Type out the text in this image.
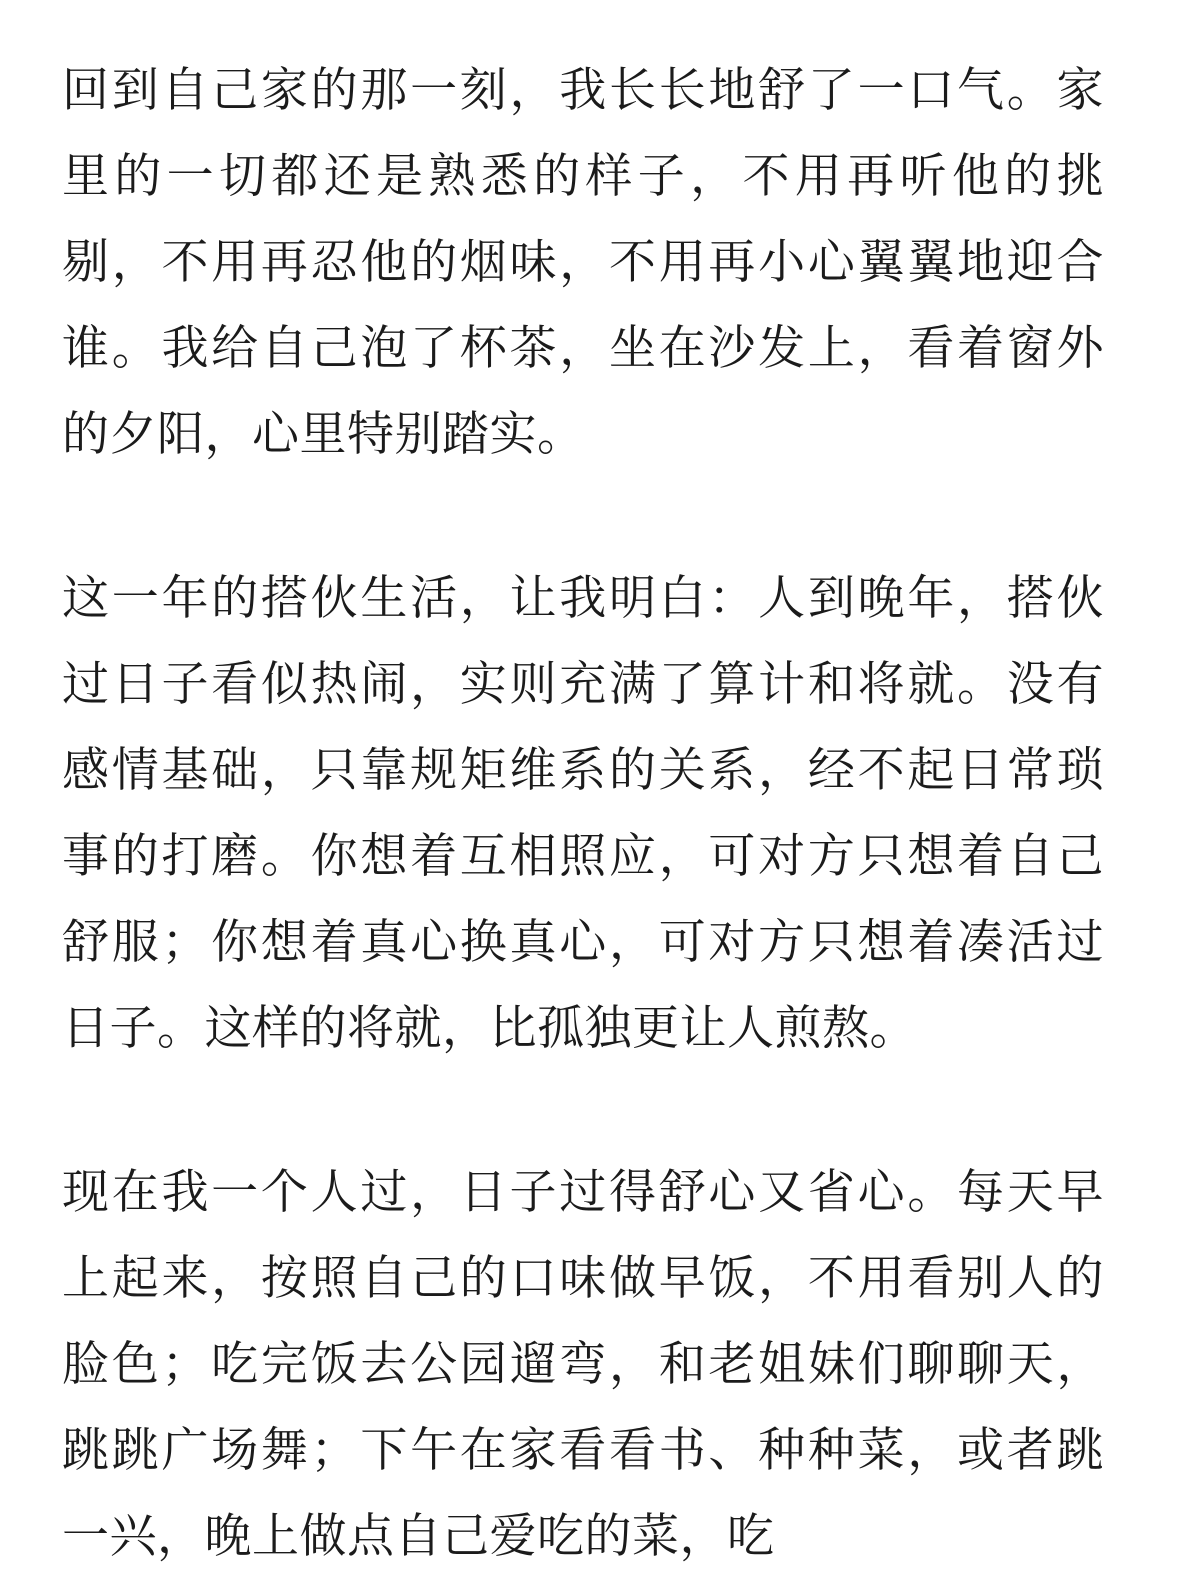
回到自己家的那一刻，我长长地舒了一口气。家里的一切都还是熟悉的样子，不用再听他的挑剔，不用再忍他的烟味，不用再小心翼翼地迎合谁。我给自己泡了杯茶，坐在沙发上，看着窗外的夕阳，心里特别踏实。

这一年的搭伙生活，让我明白：人到晚年，搭伙过日子看似热闹，实则充满了算计和将就。没有感情基础，只靠规矩维系的关系，经不起日常琐事的打磨。你想着互相照应，可对方只想着自己舒服；你想着真心换真心，可对方只想着凑活过日子。这样的将就，比孤独更让人煎熬。

现在我一个人过，日子过得舒心又省心。每天早上起来，按照自己的口味做早饭，不用看别人的脸色；吃完饭去公园遛弯，和老姐妹们聊聊天，跳跳广场舞；下午在家看看书、种种菜，或者跳一兴，晚上做点自己爱吃的菜，吃
